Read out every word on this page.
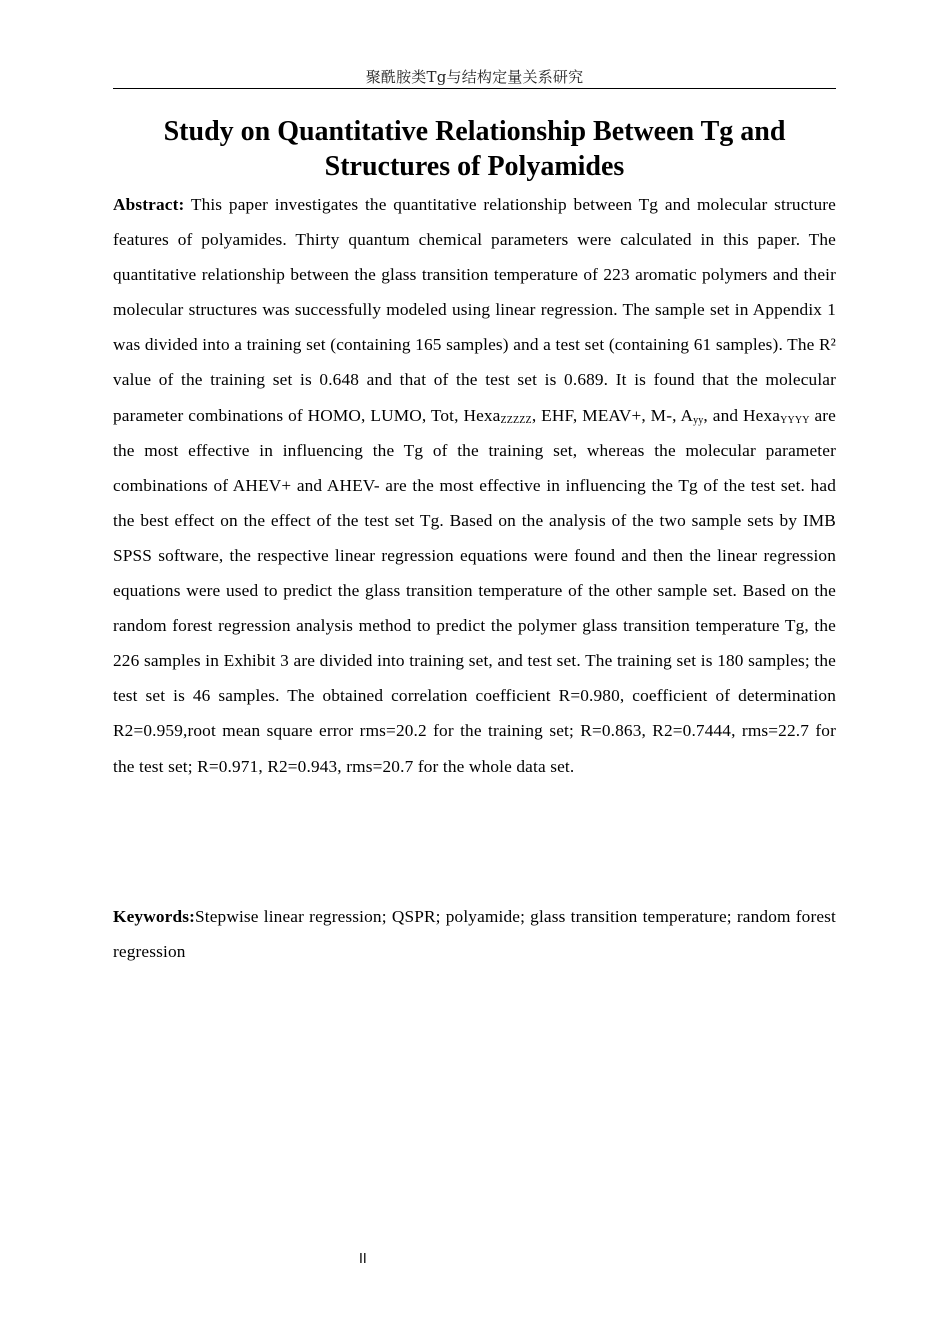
聚酰胺类Tg与结构定量关系研究
Study on Quantitative Relationship Between Tg and Structures of Polyamides

Abstract: This paper investigates the quantitative relationship between Tg and molecular structure features of polyamides. Thirty quantum chemical parameters were calculated in this paper. The quantitative relationship between the glass transition temperature of 223 aromatic polymers and their molecular structures was successfully modeled using linear regression. The sample set in Appendix 1 was divided into a training set (containing 165 samples) and a test set (containing 61 samples). The R² value of the training set is 0.648 and that of the test set is 0.689. It is found that the molecular parameter combinations of HOMO, LUMO, Tot, Hexa$_{ZZZZZ}$, EHF, MEAV+, M-, $A_{yy}$, and Hexa$_{YYYY}$ are the most effective in influencing the Tg of the training set, whereas the molecular parameter combinations of AHEV+ and AHEV- are the most effective in influencing the Tg of the test set. had the best effect on the effect of the test set Tg. Based on the analysis of the two sample sets by IMB SPSS software, the respective linear regression equations were found and then the linear regression equations were used to predict the glass transition temperature of the other sample set. Based on the random forest regression analysis method to predict the polymer glass transition temperature Tg, the 226 samples in Exhibit 3 are divided into training set, and test set. The training set is 180 samples; the test set is 46 samples. The obtained correlation coefficient R=0.980, coefficient of determination R2=0.959,root mean square error rms=20.2 for the training set; R=0.863, R2=0.7444, rms=22.7 for the test set; R=0.971, R2=0.943, rms=20.7 for the whole data set.

Keywords:Stepwise linear regression; QSPR; polyamide; glass transition temperature; random forest regression

II
